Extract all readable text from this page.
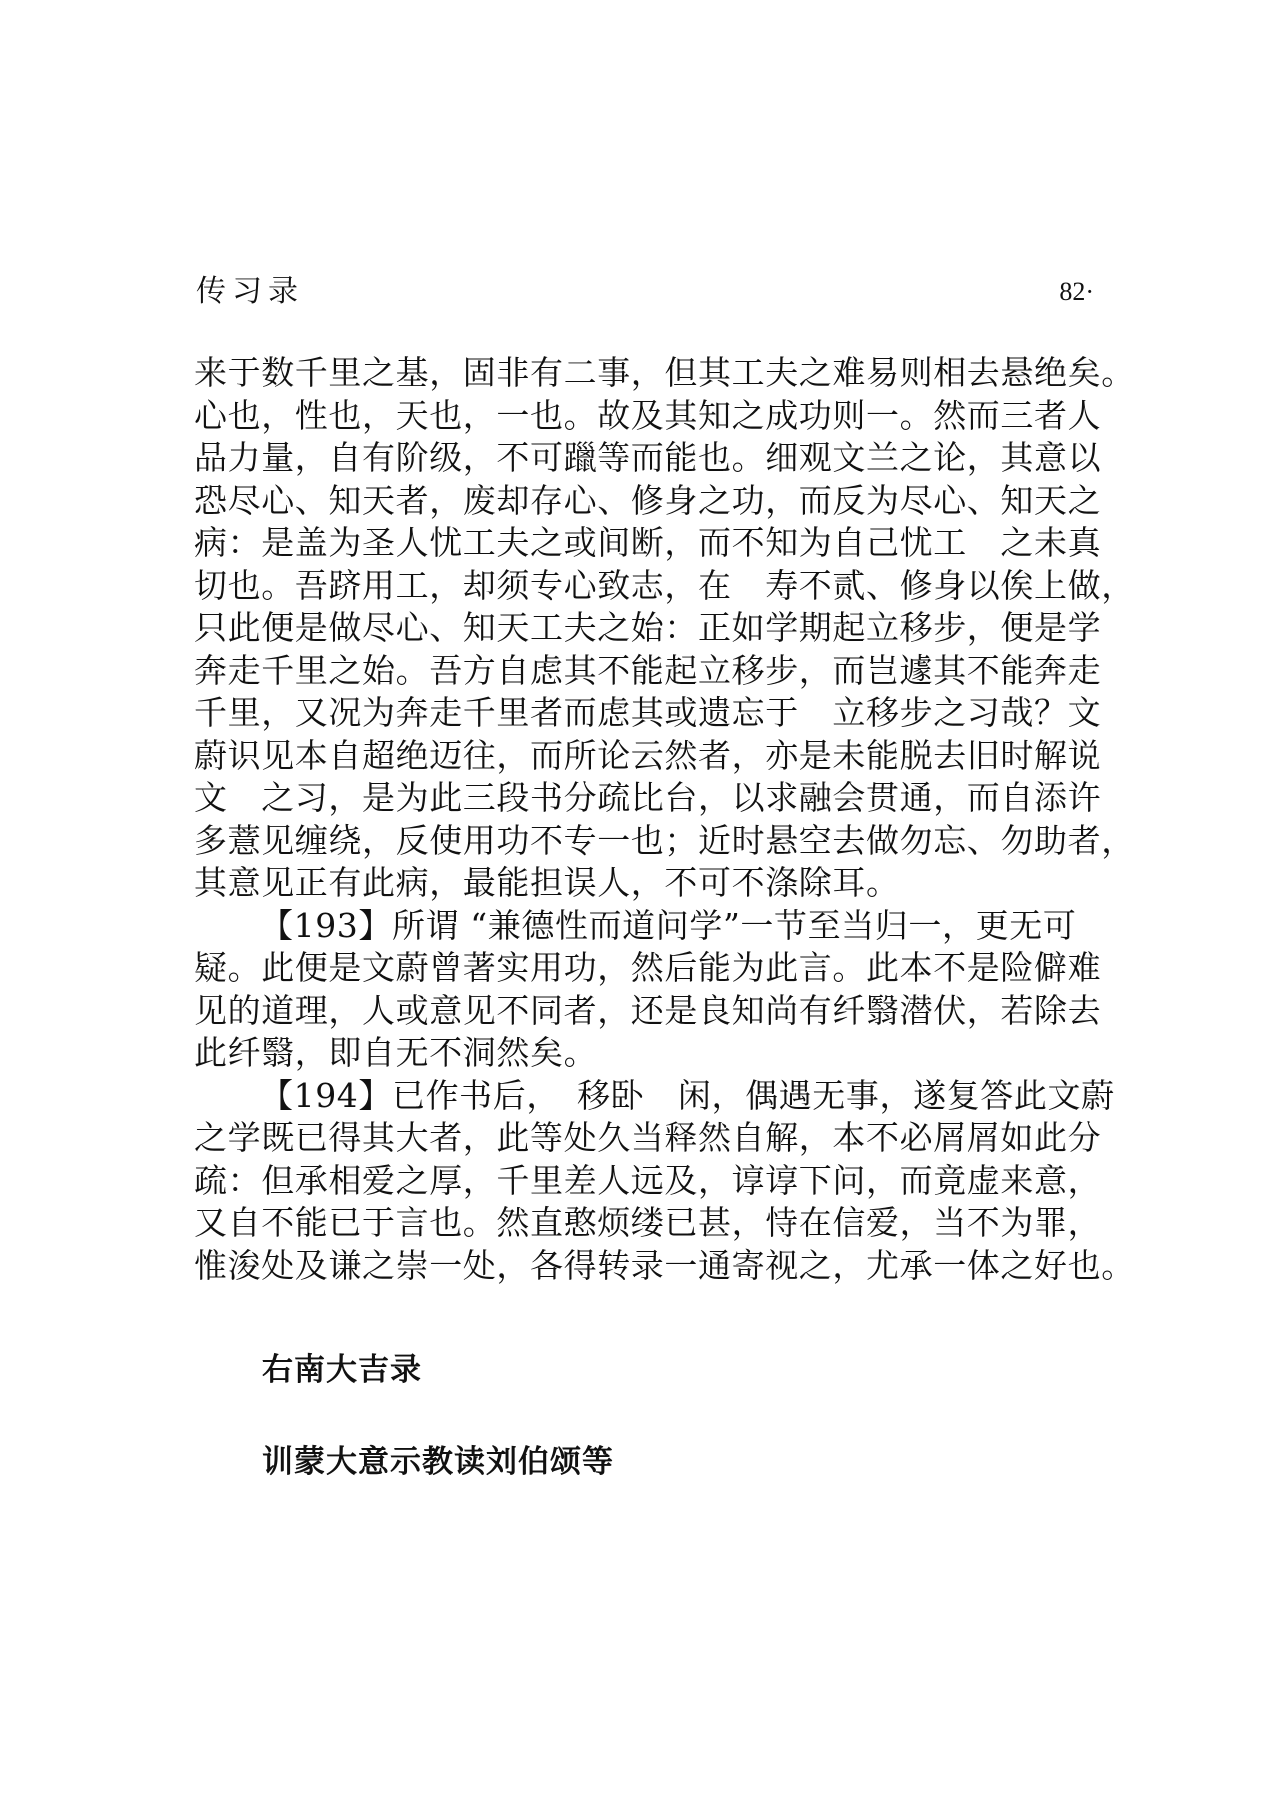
传习录	82·
来于数千里之基，固非有二事，但其工夫之难易则相去悬绝矣。
心也，性也，天也，一也。故及其知之成功则一。然而三者人
品力量，自有阶级，不可躐等而能也。细观文兰之论，其意以
恐尽心、知天者，废却存心、修身之功，而反为尽心、知天之
病：是盖为圣人忧工夫之或间断，而不知为自己忧工　之未真
切也。吾跻用工，却须专心致志，在　寿不贰、修身以俟上做，
只此便是做尽心、知天工夫之始：正如学期起立移步，便是学
奔走千里之始。吾方自虑其不能起立移步，而岂遽其不能奔走
千里，又况为奔走千里者而虑其或遗忘于　立移步之习哉？文
蔚识见本自超绝迈往，而所论云然者，亦是未能脱去旧时解说
文　之习，是为此三段书分疏比台，以求融会贯通，而自添许
多薏见缠绕，反使用功不专一也；近时悬空去做勿忘、勿助者，
其意见正有此病，最能担误人，不可不涤除耳。
【193】所谓 “兼德性而道问学”一节至当归一，更无可
疑。此便是文蔚曾著实用功，然后能为此言。此本不是险僻难
见的道理，人或意见不同者，还是良知尚有纤翳潜伏，若除去
此纤翳，即自无不洞然矣。
【194】已作书后，　移卧　闲，偶遇无事，遂复答此文蔚
之学既已得其大者，此等处久当释然自解，本不必屑屑如此分
疏：但承相爱之厚，千里差人远及，谆谆下问，而竟虚来意，
又自不能已于言也。然直憨烦缕已甚，恃在信爱，当不为罪，
惟浚处及谦之崇一处，各得转录一通寄视之，尤承一体之好也。
右南大吉录
训蒙大意示教读刘伯颂等
